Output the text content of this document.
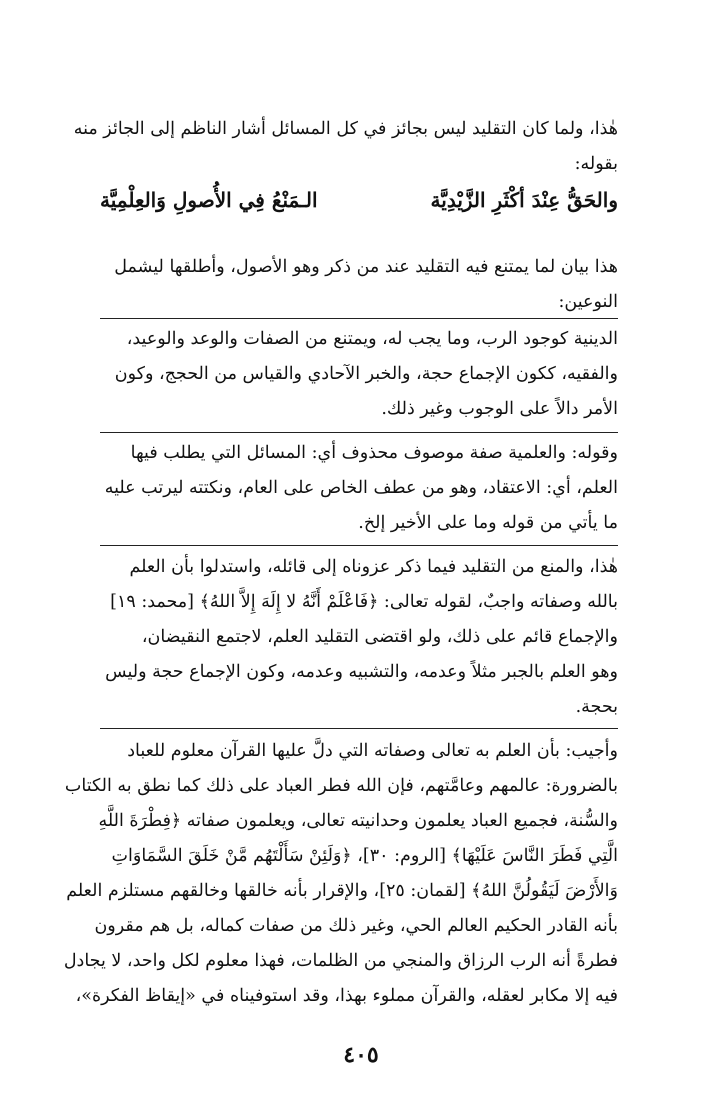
هٰذا، ولما كان التقليد ليس بجائز في كل المسائل أشار الناظم إلى الجائز منه
بقوله:
والحَقُّ عِنْدَ أكْثَرِ الزَّيْدِيَّة
الـمَنْعُ فِي الأُصولِ وَالعِلْمِيَّة
هذا بيان لما يمتنع فيه التقليد عند من ذكر وهو الأصول، وأطلقها ليشمل
النوعين:
الدينية كوجود الرب، وما يجب له، ويمتنع من الصفات والوعد والوعيد،
والفقيه، ككون الإجماع حجة، والخبر الآحادي والقياس من الحجج، وكون
الأمر دالاً على الوجوب وغير ذلك.
وقوله: والعلمية صفة موصوف محذوف أي: المسائل التي يطلب فيها
العلم، أي: الاعتقاد، وهو من عطف الخاص على العام، ونكتته ليرتب عليه
ما يأتي من قوله وما على الأخير إلخ.
هٰذا، والمنع من التقليد فيما ذكر عزوناه إلى قائله، واستدلوا بأن العلم
بالله وصفاته واجبٌ، لقوله تعالى: ﴿فَاعْلَمْ أَنَّهُ لا إِلَهَ إِلاَّ اللهُ﴾ [محمد: ١٩]
والإجماع قائم على ذلك، ولو اقتضى التقليد العلم، لاجتمع النقيضان،
وهو العلم بالجبر مثلاً وعدمه، والتشبيه وعدمه، وكون الإجماع حجة وليس
بحجة.
وأجيب: بأن العلم به تعالى وصفاته التي دلَّ عليها القرآن معلوم للعباد
بالضرورة: عالمهم وعامَّتهم، فإن الله فطر العباد على ذلك كما نطق به الكتاب
والسُّنة، فجميع العباد يعلمون وحدانيته تعالى، ويعلمون صفاته ﴿فِطْرَةَ اللَّهِ
الَّتِي فَطَرَ النَّاسَ عَلَيْهَا﴾ [الروم: ٣٠]، ﴿وَلَئِنْ سَأَلْتَهُم مَّنْ خَلَقَ السَّمَاوَاتِ
وَالأَرْضَ لَيَقُولُنَّ اللهُ﴾ [لقمان: ٢٥]، والإقرار بأنه خالقها وخالقهم مستلزم العلم
بأنه القادر الحكيم العالم الحي، وغير ذلك من صفات كماله، بل هم مقرون
فطرةً أنه الرب الرزاق والمنجي من الظلمات، فهذا معلوم لكل واحد، لا يجادل
فيه إلا مكابر لعقله، والقرآن مملوء بهذا، وقد استوفيناه في «إيقاظ الفكرة»،
٤٠٥
